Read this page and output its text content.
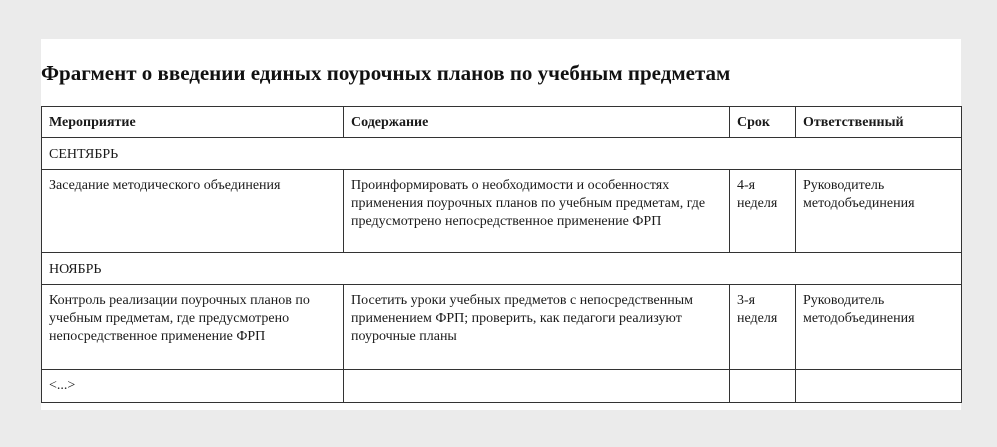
Фрагмент о введении единых поурочных планов по учебным предметам
Мероприятие	Содержание	Срок	Ответственный
СЕНТЯБРЬ			
Заседание методического объединения	Проинформировать о необходимости и особенностях применения поурочных планов по учебным предметам, где предусмотрено непосредственное применение ФРП	4-я неделя	Руководитель методобъединения
НОЯБРЬ			
Контроль реализации поурочных планов по учебным предметам, где предусмотрено непосредственное применение ФРП	Посетить уроки учебных предметов с непосредственным применением ФРП; проверить, как педагоги реализуют поурочные планы	3-я неделя	Руководитель методобъединения
<...>			
